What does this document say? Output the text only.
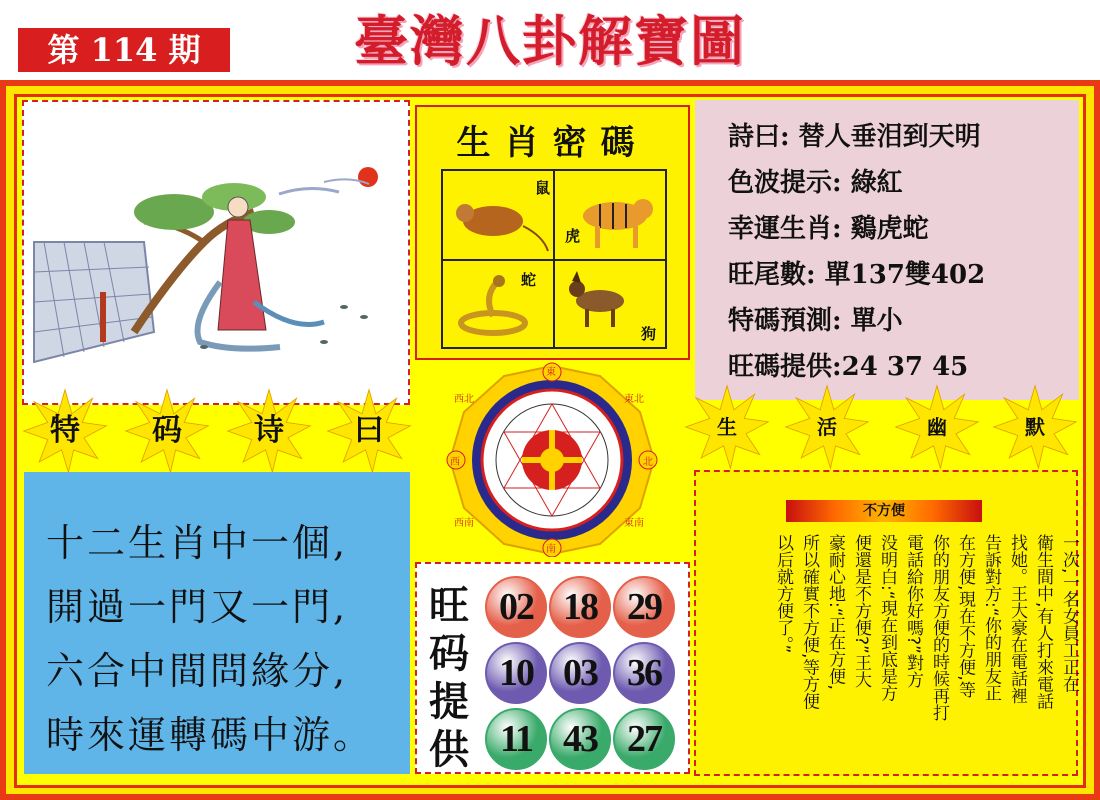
第 114 期	臺灣八卦解寶圖
生肖密碼
鼠
虎
蛇
狗
詩曰: 替人垂泪到天明
色波提示: 綠紅
幸運生肖: 鷄虎蛇
旺尾數: 單137雙402
特碼預測: 單小
旺碼提供:24 37 45
特	码	诗	曰	生	活	幽	默
東
南
西	北
西北	東北
西南	東南
十二生肖中一個,
開過一門又一門,
六合中間問緣分,
時來運轉碼中游。
旺
码
提
供
02 18 29
10 03 36
11 43 27
不方便
一次,一名女員工正在
衛生間中,有人打來電話
找她。王大豪在電話裡
告訴對方:“你的朋友正
在方便,現在不方便,等
你的朋友方便的時候再打
電話給你好嗎?”對方
没明白:“現在到底是方
便還是不方便?”王大
豪耐心地:“正在方便,
所以確實不方便,等方便
以后就方便了。”
